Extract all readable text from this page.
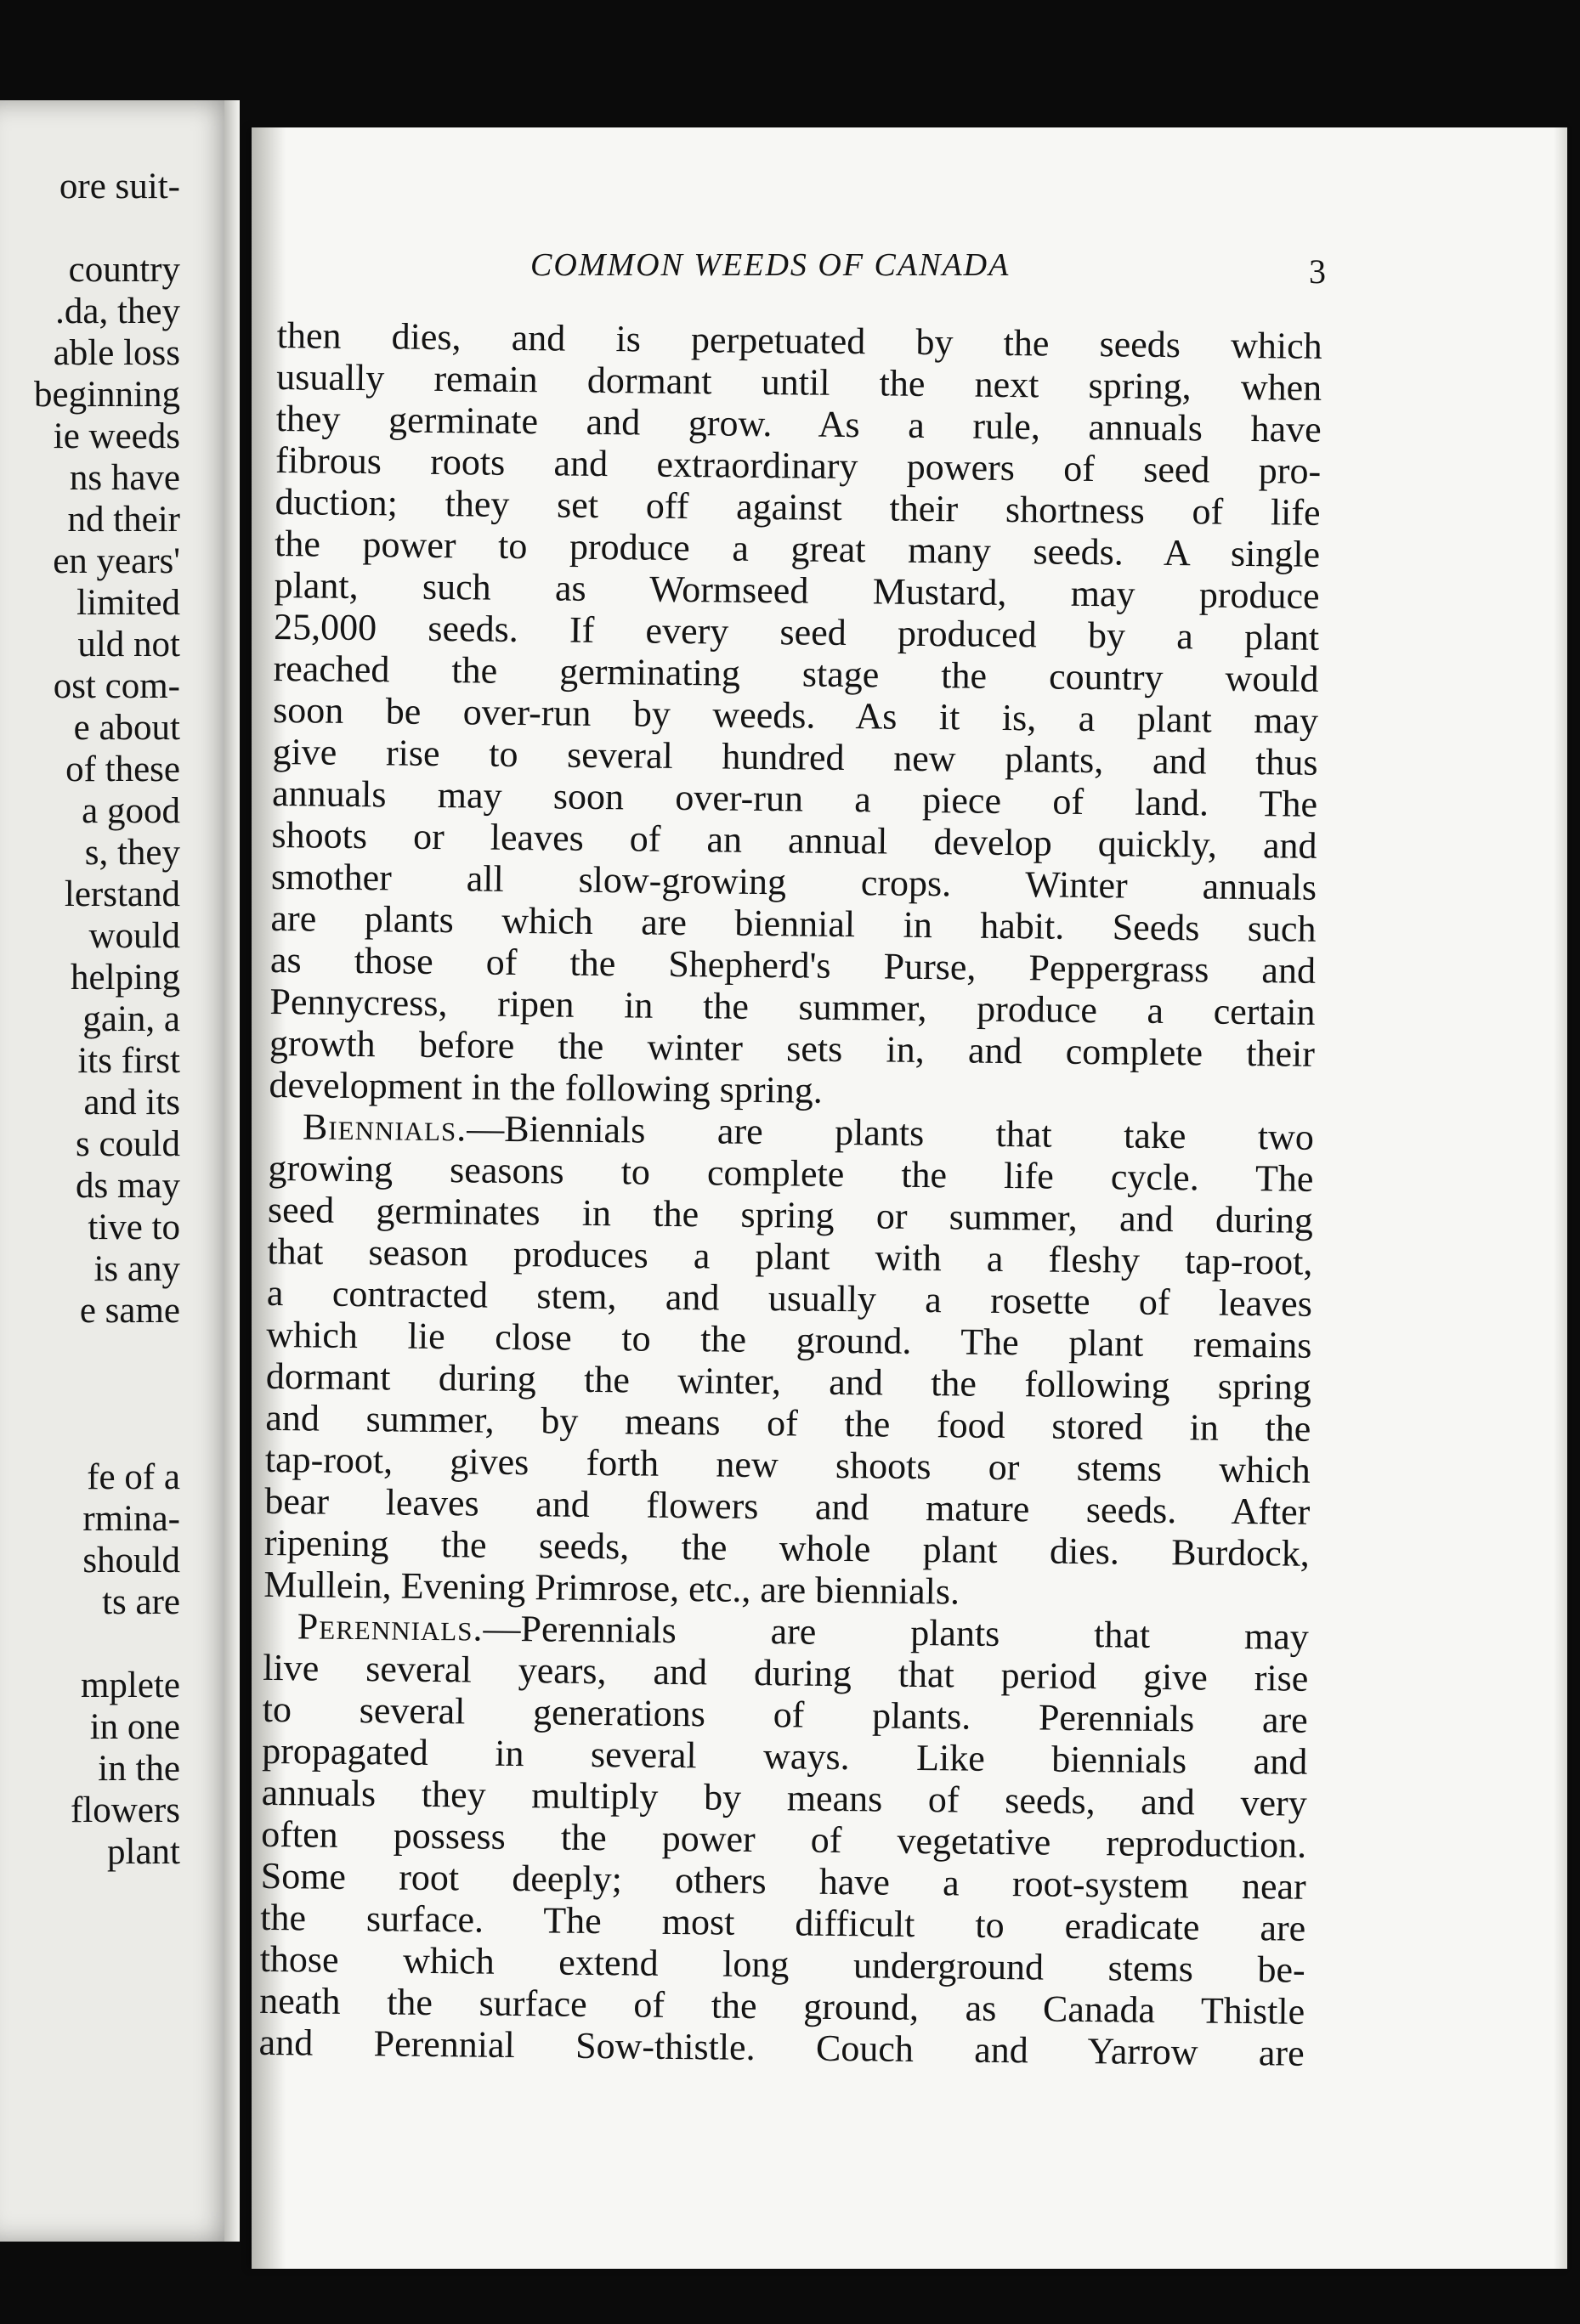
ore suit-
country
.da, they
able loss
beginning
ie weeds
ns have
nd their
en years'
limited
uld not
ost com-
e about
of these
a good
s, they
lerstand
would
helping
gain, a
its first
and its
s could
ds may
tive to
is any
e same
fe of a
rmina-
should
ts are
mplete
in one
in the
flowers
plant
COMMON WEEDS OF CANADA	3
then dies, and is perpetuated by the seeds which
usually remain dormant until the next spring, when
they germinate and grow. As a rule, annuals have
fibrous roots and extraordinary powers of seed pro-
duction; they set off against their shortness of life
the power to produce a great many seeds. A single
plant, such as Wormseed Mustard, may produce
25,000 seeds. If every seed produced by a plant
reached the germinating stage the country would
soon be over-run by weeds. As it is, a plant may
give rise to several hundred new plants, and thus
annuals may soon over-run a piece of land. The
shoots or leaves of an annual develop quickly, and
smother all slow-growing crops. Winter annuals
are plants which are biennial in habit. Seeds such
as those of the Shepherd's Purse, Peppergrass and
Pennycress, ripen in the summer, produce a certain
growth before the winter sets in, and complete their
development in the following spring.
Biennials.—Biennials are plants that take two
growing seasons to complete the life cycle. The
seed germinates in the spring or summer, and during
that season produces a plant with a fleshy tap-root,
a contracted stem, and usually a rosette of leaves
which lie close to the ground. The plant remains
dormant during the winter, and the following spring
and summer, by means of the food stored in the
tap-root, gives forth new shoots or stems which
bear leaves and flowers and mature seeds. After
ripening the seeds, the whole plant dies. Burdock,
Mullein, Evening Primrose, etc., are biennials.
Perennials.—Perennials are plants that may
live several years, and during that period give rise
to several generations of plants. Perennials are
propagated in several ways. Like biennials and
annuals they multiply by means of seeds, and very
often possess the power of vegetative reproduction.
Some root deeply; others have a root-system near
the surface. The most difficult to eradicate are
those which extend long underground stems be-
neath the surface of the ground, as Canada Thistle
and Perennial Sow-thistle. Couch and Yarrow are
